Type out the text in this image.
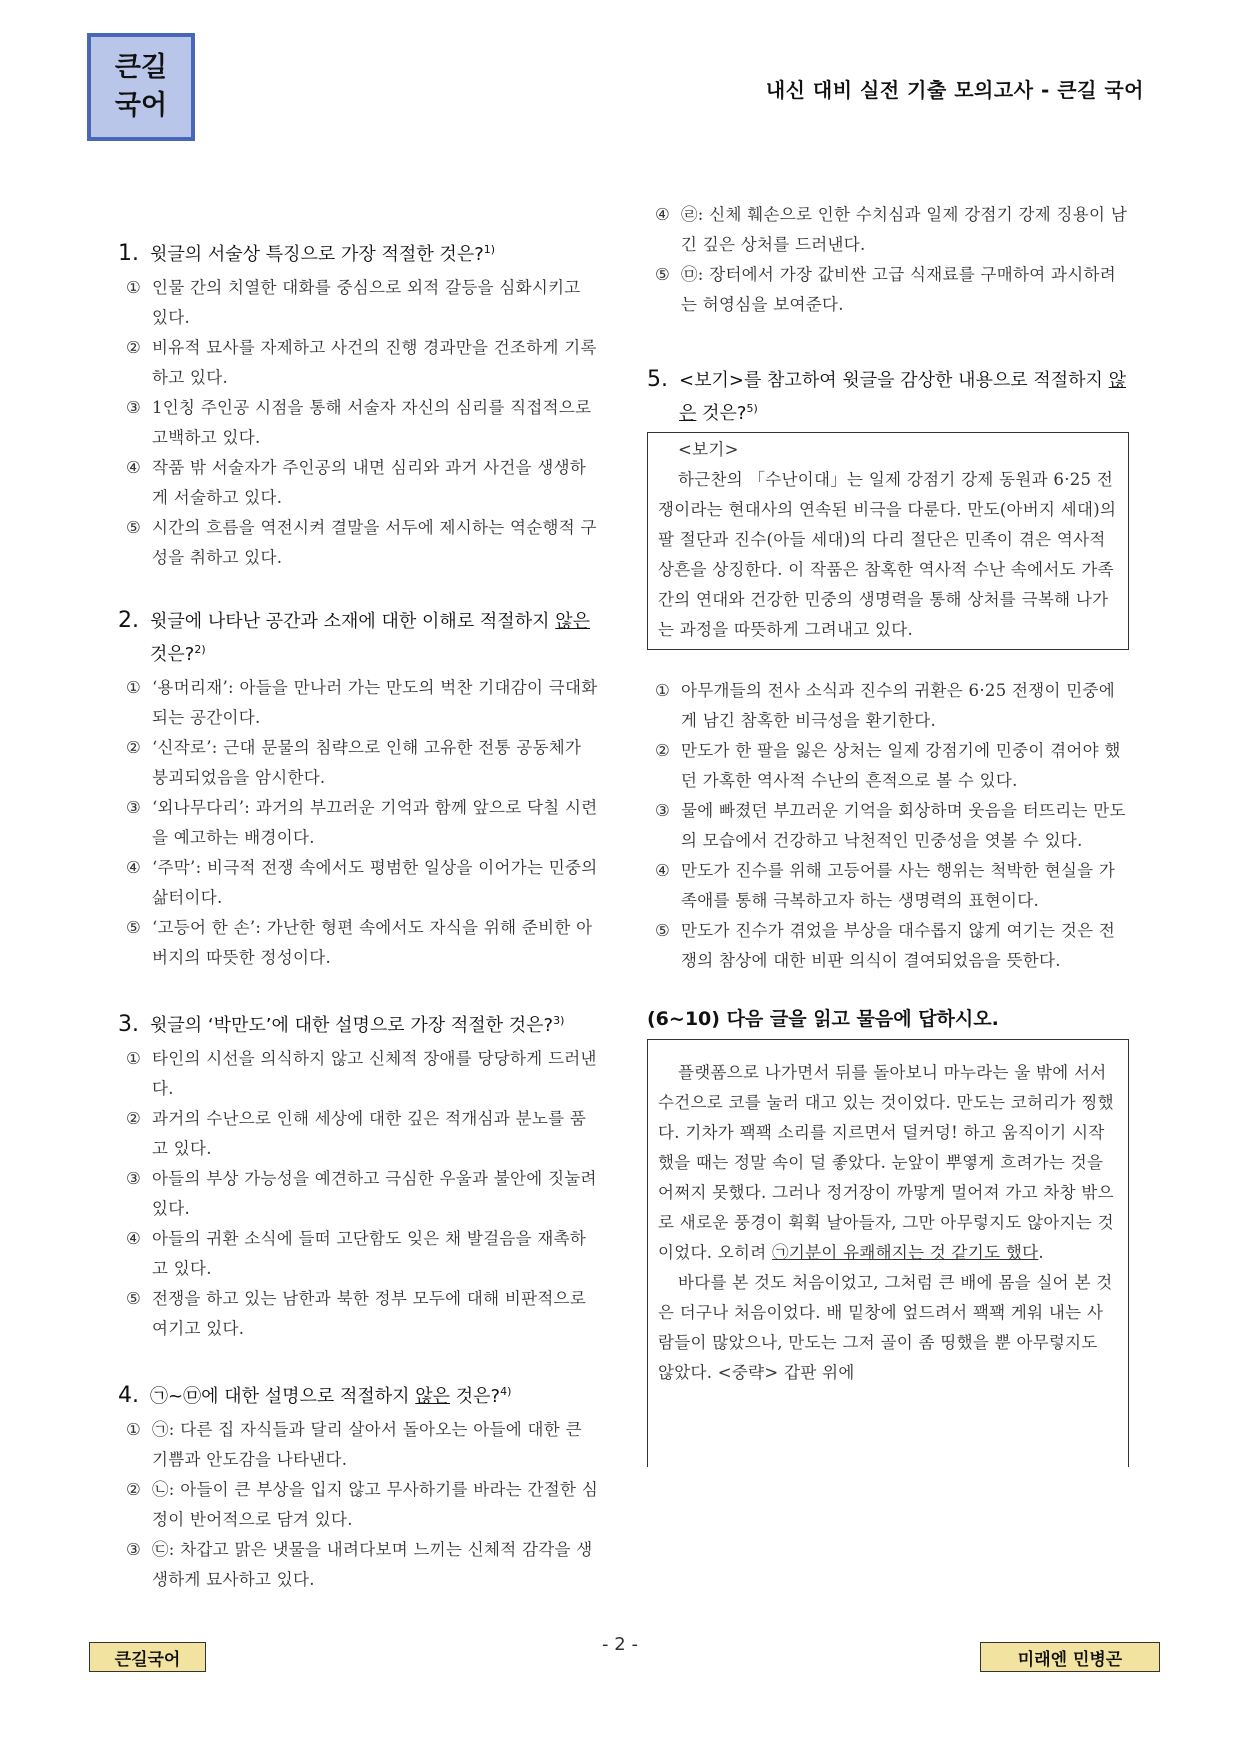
큰길
국어	내신 대비 실전 기출 모의고사 - 큰길 국어
1. 윗글의 서술상 특징으로 가장 적절한 것은?$^{1)}$
① 인물 간의 치열한 대화를 중심으로 외적 갈등을 심화시키고 있다.
② 비유적 묘사를 자제하고 사건의 진행 경과만을 건조하게 기록하고 있다.
③ 1인칭 주인공 시점을 통해 서술자 자신의 심리를 직접적으로 고백하고 있다.
④ 작품 밖 서술자가 주인공의 내면 심리와 과거 사건을 생생하게 서술하고 있다.
⑤ 시간의 흐름을 역전시켜 결말을 서두에 제시하는 역순행적 구성을 취하고 있다.
2. 윗글에 나타난 공간과 소재에 대한 이해로 적절하지 않은 것은?$^{2)}$
① ‘용머리재’: 아들을 만나러 가는 만도의 벅찬 기대감이 극대화되는 공간이다.
② ‘신작로’: 근대 문물의 침략으로 인해 고유한 전통 공동체가 붕괴되었음을 암시한다.
③ ‘외나무다리’: 과거의 부끄러운 기억과 함께 앞으로 닥칠 시련을 예고하는 배경이다.
④ ‘주막’: 비극적 전쟁 속에서도 평범한 일상을 이어가는 민중의 삶터이다.
⑤ ‘고등어 한 손’: 가난한 형편 속에서도 자식을 위해 준비한 아버지의 따뜻한 정성이다.
3. 윗글의 ‘박만도’에 대한 설명으로 가장 적절한 것은?$^{3)}$
① 타인의 시선을 의식하지 않고 신체적 장애를 당당하게 드러낸다.
② 과거의 수난으로 인해 세상에 대한 깊은 적개심과 분노를 품고 있다.
③ 아들의 부상 가능성을 예견하고 극심한 우울과 불안에 짓눌려 있다.
④ 아들의 귀환 소식에 들떠 고단함도 잊은 채 발걸음을 재촉하고 있다.
⑤ 전쟁을 하고 있는 남한과 북한 정부 모두에 대해 비판적으로 여기고 있다.
4. ㉠~㉤에 대한 설명으로 적절하지 않은 것은?$^{4)}$
① ㉠: 다른 집 자식들과 달리 살아서 돌아오는 아들에 대한 큰 기쁨과 안도감을 나타낸다.
② ㉡: 아들이 큰 부상을 입지 않고 무사하기를 바라는 간절한 심정이 반어적으로 담겨 있다.
③ ㉢: 차갑고 맑은 냇물을 내려다보며 느끼는 신체적 감각을 생생하게 묘사하고 있다.
④ ㉣: 신체 훼손으로 인한 수치심과 일제 강점기 강제 징용이 남긴 깊은 상처를 드러낸다.
⑤ ㉤: 장터에서 가장 값비싼 고급 식재료를 구매하여 과시하려는 허영심을 보여준다.
5. <보기>를 참고하여 윗글을 감상한 내용으로 적절하지 않은 것은?$^{5)}$
<보기>
하근찬의 「수난이대」는 일제 강점기 강제 동원과 6·25 전쟁이라는 현대사의 연속된 비극을 다룬다. 만도(아버지 세대)의 팔 절단과 진수(아들 세대)의 다리 절단은 민족이 겪은 역사적 상흔을 상징한다. 이 작품은 참혹한 역사적 수난 속에서도 가족 간의 연대와 건강한 민중의 생명력을 통해 상처를 극복해 나가는 과정을 따뜻하게 그려내고 있다.
① 아무개들의 전사 소식과 진수의 귀환은 6·25 전쟁이 민중에게 남긴 참혹한 비극성을 환기한다.
② 만도가 한 팔을 잃은 상처는 일제 강점기에 민중이 겪어야 했던 가혹한 역사적 수난의 흔적으로 볼 수 있다.
③ 물에 빠졌던 부끄러운 기억을 회상하며 웃음을 터뜨리는 만도의 모습에서 건강하고 낙천적인 민중성을 엿볼 수 있다.
④ 만도가 진수를 위해 고등어를 사는 행위는 척박한 현실을 가족애를 통해 극복하고자 하는 생명력의 표현이다.
⑤ 만도가 진수가 겪었을 부상을 대수롭지 않게 여기는 것은 전쟁의 참상에 대한 비판 의식이 결여되었음을 뜻한다.
(6~10) 다음 글을 읽고 물음에 답하시오.

플랫폼으로 나가면서 뒤를 돌아보니 마누라는 울 밖에 서서 수건으로 코를 눌러 대고 있는 것이었다. 만도는 코허리가 찡했다. 기차가 꽥꽥 소리를 지르면서 덜커덩! 하고 움직이기 시작했을 때는 정말 속이 덜 좋았다. 눈앞이 뿌옇게 흐려가는 것을 어쩌지 못했다. 그러나 정거장이 까맣게 멀어져 가고 차창 밖으로 새로운 풍경이 휙휙 날아들자, 그만 아무렇지도 않아지는 것이었다. 오히려 ㉠기분이 유쾌해지는 것 같기도 했다.

바다를 본 것도 처음이었고, 그처럼 큰 배에 몸을 실어 본 것은 더구나 처음이었다. 배 밑창에 엎드려서 꽥꽥 게워 내는 사람들이 많았으나, 만도는 그저 골이 좀 띵했을 뿐 아무렇지도 않았다. <중략> 갑판 위에

큰길국어
- 2 -
미래엔 민병곤
